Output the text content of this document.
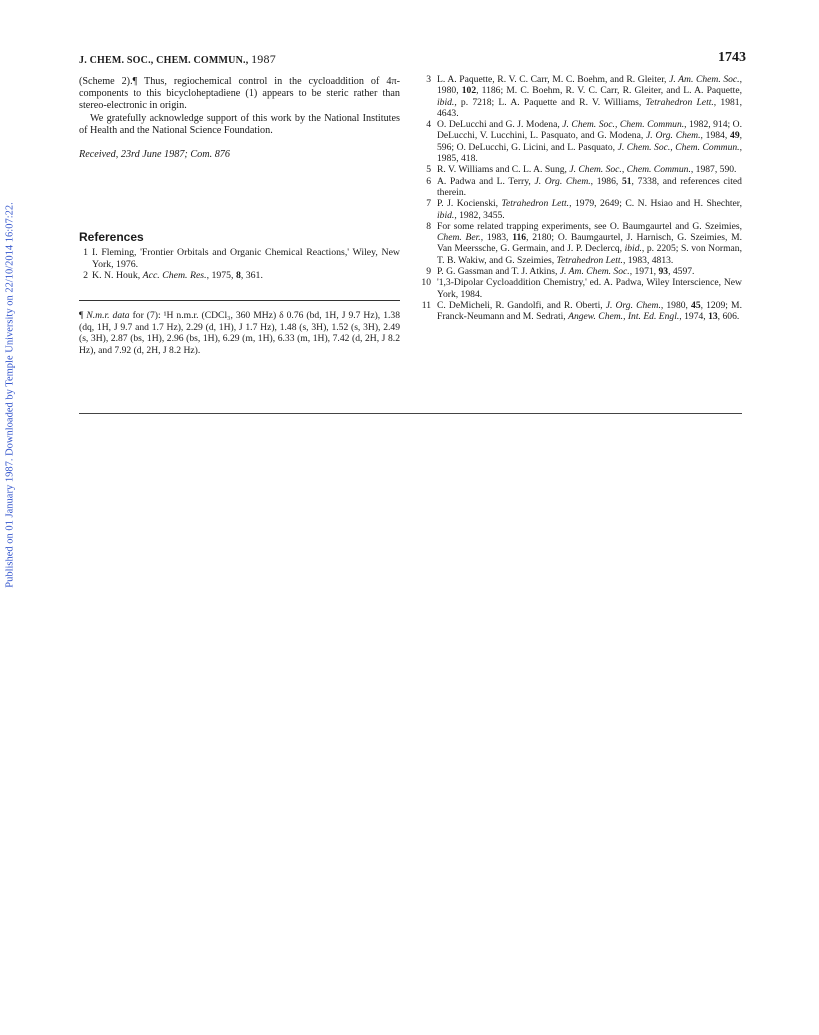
Published on 01 January 1987. Downloaded by Temple University on 22/10/2014 16:07:22.
J. CHEM. SOC., CHEM. COMMUN., 1987	1743

(Scheme 2).¶ Thus, regiochemical control in the cycloaddition of 4π-components to this bicycloheptadiene (1) appears to be steric rather than stereo-electronic in origin.

We gratefully acknowledge support of this work by the National Institutes of Health and the National Science Foundation.

Received, 23rd June 1987; Com. 876

References
1 I. Fleming, 'Frontier Orbitals and Organic Chemical Reactions,' Wiley, New York, 1976.
2 K. N. Houk, Acc. Chem. Res., 1975, 8, 361.
¶ N.m.r. data for (7): ¹H n.m.r. (CDCl₃, 360 MHz) δ 0.76 (bd, 1H, J 9.7 Hz), 1.38 (dq, 1H, J 9.7 and 1.7 Hz), 2.29 (d, 1H), J 1.7 Hz), 1.48 (s, 3H), 1.52 (s, 3H), 2.49 (s, 3H), 2.87 (bs, 1H), 2.96 (bs, 1H), 6.29 (m, 1H), 6.33 (m, 1H), 7.42 (d, 2H, J 8.2 Hz), and 7.92 (d, 2H, J 8.2 Hz).
3 L. A. Paquette, R. V. C. Carr, M. C. Boehm, and R. Gleiter, J. Am. Chem. Soc., 1980, 102, 1186; M. C. Boehm, R. V. C. Carr, R. Gleiter, and L. A. Paquette, ibid., p. 7218; L. A. Paquette and R. V. Williams, Tetrahedron Lett., 1981, 4643.
4 O. DeLucchi and G. J. Modena, J. Chem. Soc., Chem. Commun., 1982, 914; O. DeLucchi, V. Lucchini, L. Pasquato, and G. Modena, J. Org. Chem., 1984, 49, 596; O. DeLucchi, G. Licini, and L. Pasquato, J. Chem. Soc., Chem. Commun., 1985, 418.
5 R. V. Williams and C. L. A. Sung, J. Chem. Soc., Chem. Commun., 1987, 590.
6 A. Padwa and L. Terry, J. Org. Chem., 1986, 51, 7338, and references cited therein.
7 P. J. Kocienski, Tetrahedron Lett., 1979, 2649; C. N. Hsiao and H. Shechter, ibid., 1982, 3455.
8 For some related trapping experiments, see O. Baumgaurtel and G. Szeimies, Chem. Ber., 1983, 116, 2180; O. Baumgaurtel, J. Harnisch, G. Szeimies, M. Van Meerssche, G. Germain, and J. P. Declercq, ibid., p. 2205; S. von Norman, T. B. Wakiw, and G. Szeimies, Tetrahedron Lett., 1983, 4813.
9 P. G. Gassman and T. J. Atkins, J. Am. Chem. Soc., 1971, 93, 4597.
10 '1,3-Dipolar Cycloaddition Chemistry,' ed. A. Padwa, Wiley Interscience, New York, 1984.
11 C. DeMicheli, R. Gandolfi, and R. Oberti, J. Org. Chem., 1980, 45, 1209; M. Franck-Neumann and M. Sedrati, Angew. Chem., Int. Ed. Engl., 1974, 13, 606.
